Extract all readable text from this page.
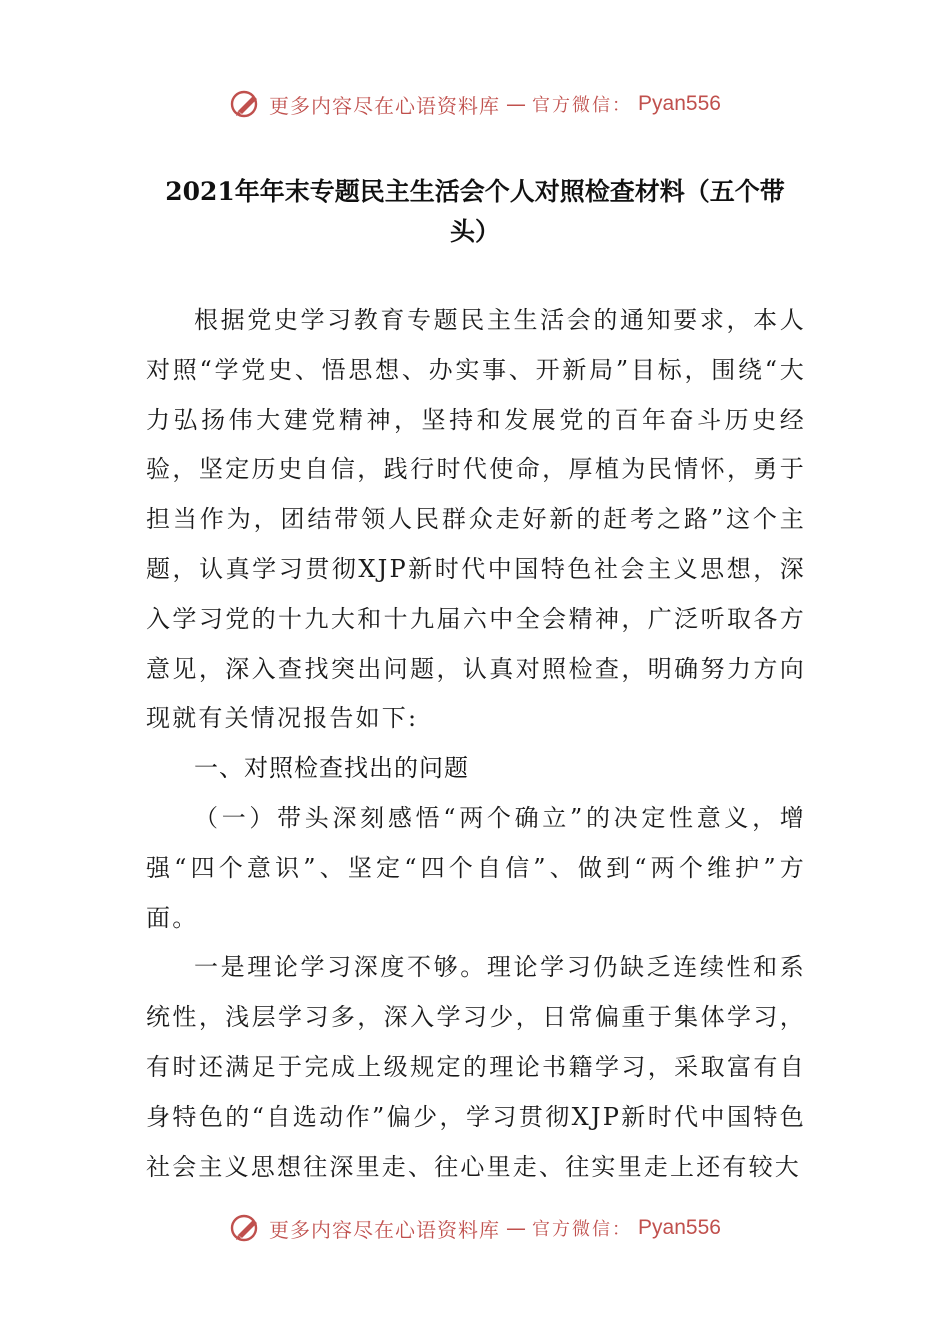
更多内容尽在心语资料库 — 官方微信： Pyan556
2021年年末专题民主生活会个人对照检查材料（五个带头）

根据党史学习教育专题民主生活会的通知要求，本人对照“学党史、悟思想、办实事、开新局”目标，围绕“大力弘扬伟大建党精神，坚持和发展党的百年奋斗历史经验，坚定历史自信，践行时代使命，厚植为民情怀，勇于担当作为，团结带领人民群众走好新的赶考之路”这个主题，认真学习贯彻XJP新时代中国特色社会主义思想，深入学习党的十九大和十九届六中全会精神，广泛听取各方意见，深入查找突出问题，认真对照检查，明确努力方向现就有关情况报告如下:

一、对照检查找出的问题

（一）带头深刻感悟“两个确立”的决定性意义，增强“四个意识”、坚定“四个自信”、做到“两个维护”方面。

一是理论学习深度不够。理论学习仍缺乏连续性和系统性，浅层学习多，深入学习少，日常偏重于集体学习，有时还满足于完成上级规定的理论书籍学习，采取富有自身特色的“自选动作”偏少，学习贯彻XJP新时代中国特色社会主义思想往深里走、往心里走、往实里走上还有较大

更多内容尽在心语资料库 — 官方微信： Pyan556
